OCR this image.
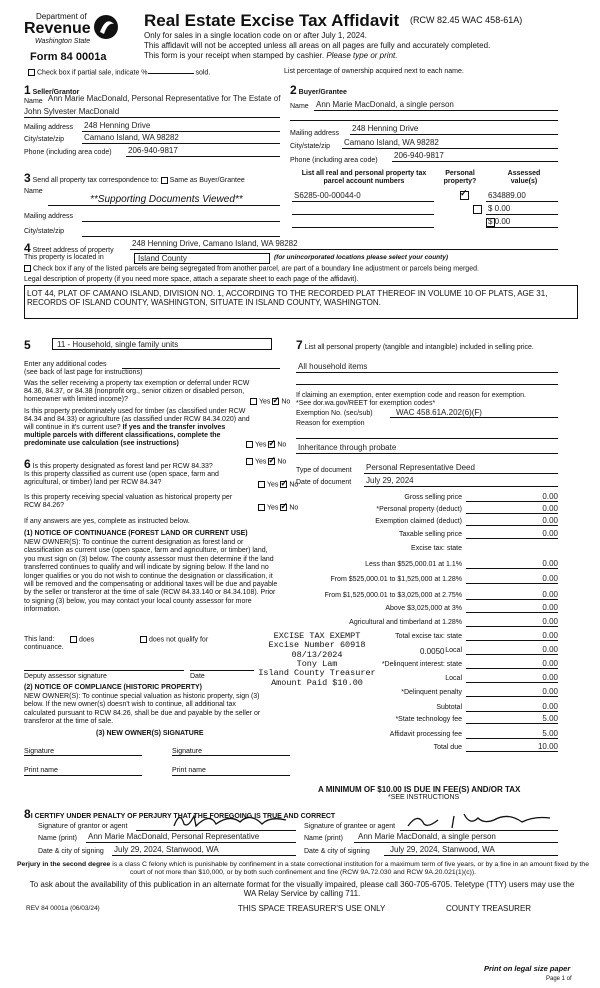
Department of
Revenue
Washington State
Form 84 0001a
Real Estate Excise Tax Affidavit (RCW 82.45 WAC 458-61A)
Only for sales in a single location code on or after July 1, 2024.
This affidavit will not be accepted unless all areas on all pages are fully and accurately completed.
This form is your receipt when stamped by cashier. Please type or print.
Check box if partial sale, indicate %	sold.	List percentage of ownership acquired next to each name.
1 Seller/Grantor
Name Ann Marie MacDonald, Personal Representative for The Estate of
John Sylvester MacDonald
Mailing address 248 Henning Drive
City/state/zip Camano Island, WA 98282
Phone (including area code) 206-940-9817
2 Buyer/Grantee
Name Ann Marie MacDonald, a single person
Mailing address
248 Henning Drive
City/state/zip Camano Island, WA 98282
Phone (including area code)
206-940-9817
3 Send all property tax correspondence to: Same as Buyer/Grantee
Name
**Supporting Documents Viewed**
Mailing address
City/state/zip
List all real and personal property tax
parcel account numbers
Personal
property?
Assessed
value(s)
S6285-00-00044-0 ✓	634889.00
$ 0.00
$ 0.00
4 Street address of property
248 Henning Drive, Camano Island, WA 98282
This property is located in	Island County	(for unincorporated locations please select your county)
Check box if any of the listed parcels are being segregated from another parcel, are part of a boundary line adjustment or parcels being merged.
Legal description of property (if you need more space, attach a separate sheet to each page of the affidavit).
LOT 44, PLAT OF CAMANO ISLAND, DIVISION NO. 1, ACCORDING TO THE RECORDED PLAT THEREOF IN VOLUME 10 OF PLATS, AGE 31, RECORDS OF ISLAND COUNTY, WASHINGTON, SITUATE IN ISLAND COUNTY, WASHINGTON.
5	11 - Household, single family units
Enter any additional codes
(see back of last page for instructions)
Was the seller receiving a property tax exemption or deferral under RCW 84.36, 84.37, or 84.38 (nonprofit org., senior citizen or disabled person, homeowner with limited income)?	Yes ✓ No
Is this property predominately used for timber (as classified under RCW 84.34 and 84.33) or agriculture (as classified under RCW 84.34.020) and will continue in it's current use? If yes and the transfer involves multiple parcels with different classifications, complete the predominate use calculation (see instructions)	Yes ✓ No
6 Is this property designated as forest land per RCW 84.33?
Yes ✓ No
Is this property classified as current use (open space, farm and agricultural, or timber) land per RCW 84.34?	Yes ✓ No
Is this property receiving special valuation as historical property per RCW 84.26?	Yes ✓ No
If any answers are yes, complete as instructed below.
(1) NOTICE OF CONTINUANCE (FOREST LAND OR CURRENT USE)
NEW OWNER(S): To continue the current designation as forest land or classification as current use (open space, farm and agriculture, or timber) land, you must sign on (3) below. The county assessor must then determine if the land transferred continues to qualify and will indicate by signing below. If the land no longer qualifies or you do not wish to continue the designation or classification, it will be removed and the compensating or additional taxes will be due and payable by the seller or transferor at the time of sale (RCW 84.33.140 or 84.34.108). Prior to signing (3) below, you may contact your local county assessor for more information.
This land:
continuance.
does	does not qualify for
Deputy assessor signature	Date
(2) NOTICE OF COMPLIANCE (HISTORIC PROPERTY)
NEW OWNER(S): To continue special valuation as historic property, sign (3) below. If the new owner(s) doesn't wish to continue, all additional tax calculated pursuant to RCW 84.26, shall be due and payable by the seller or transferor at the time of sale.
(3) NEW OWNER(S) SIGNATURE
Signature	Signature
Print name	Print name
7 List all personal property (tangible and intangible) included in selling price.
All household items
If claiming an exemption, enter exemption code and reason for exemption. *See dor.wa.gov/REET for exemption codes*
Exemption No. (sec/sub)	WAC 458.61A.202(6)(F)
Reason for exemption
Inheritance through probate
Type of document Personal Representative Deed
Date of document July 29, 2024
Gross selling price	0.00
*Personal property (deduct)	0.00
Exemption claimed (deduct)	0.00
Taxable selling price	0.00
Excise tax: state
Less than $525,000.01 at 1.1%	0.00
From $525,000.01 to $1,525,000 at 1.28%	0.00
From $1,525,000.01 to $3,025,000 at 2.75%	0.00
Above $3,025,000 at 3%	0.00
Agricultural and timberland at 1.28%	0.00
Total excise tax: state	0.00
Local	0.00
*Delinquent interest: state	0.00
Local	0.00
*Delinquent penalty	0.00
Subtotal	0.00
*State technology fee	5.00
Affidavit processing fee	5.00
Total due	10.00
0.0050
A MINIMUM OF $10.00 IS DUE IN FEE(S) AND/OR TAX
*SEE INSTRUCTIONS
EXCISE TAX EXEMPT
Excise Number 60918
08/13/2024
Tony Lam
Island County Treasurer
Amount Paid $10.00
8I CERTIFY UNDER PENALTY OF PERJURY THAT THE FOREGOING IS TRUE AND CORRECT
Signature of grantor or agent	Signature of grantee or agent
Name (print) Ann Marie MacDonald, Personal Representative	Name (print) Ann Marie MacDonald, a single person
Date & city of signing July 29, 2024, Stanwood, WA	Date & city of signing	July 29, 2024, Stanwood, WA
Perjury in the second degree is a class C felony which is punishable by confinement in a state correctional institution for a maximum term of five years, or by a fine in an amount fixed by the court of not more than $10,000, or by both such confinement and fine (RCW 9A.72.030 and RCW 9A.20.021(1)(c)).
To ask about the availability of this publication in an alternate format for the visually impaired, please call 360-705-6705. Teletype (TTY) users may use the WA Relay Service by calling 711.
REV 84 0001a (06/03/24)	THIS SPACE TREASURER'S USE ONLY	COUNTY TREASURER
Print on legal size paper
Page 1 of
